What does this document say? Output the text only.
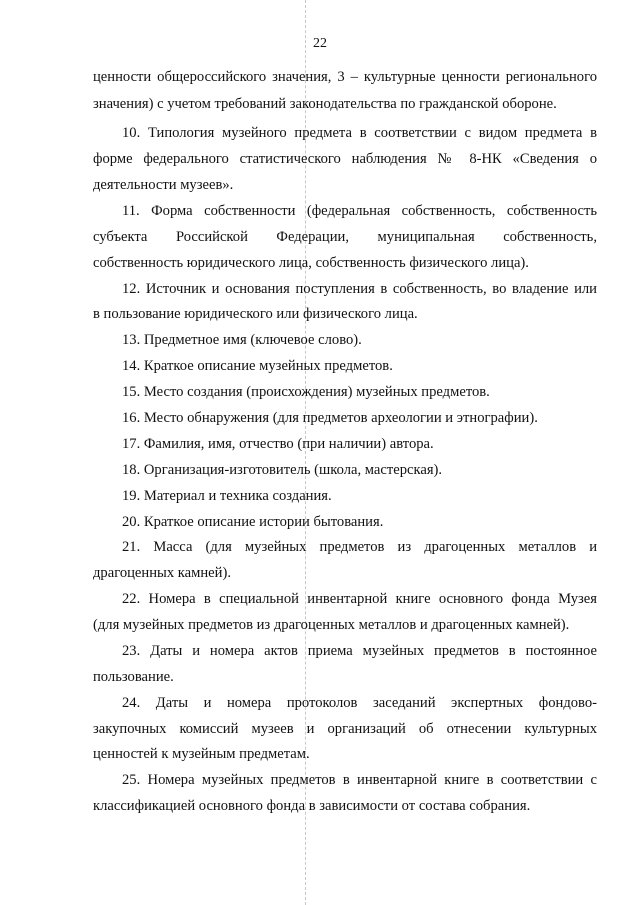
22
ценности общероссийского значения, 3 – культурные ценности регионального
значения) с учетом требований законодательства по гражданской обороне.
10. Типология музейного предмета в соответствии с видом предмета в
форме федерального статистического наблюдения № 8-НК «Сведения о
деятельности музеев».
11. Форма собственности (федеральная собственность, собственность
субъекта Российской Федерации, муниципальная собственность,
собственность юридического лица, собственность физического лица).
12. Источник и основания поступления в собственность, во владение или
в пользование юридического или физического лица.
13. Предметное имя (ключевое слово).
14. Краткое описание музейных предметов.
15. Место создания (происхождения) музейных предметов.
16. Место обнаружения (для предметов археологии и этнографии).
17. Фамилия, имя, отчество (при наличии) автора.
18. Организация-изготовитель (школа, мастерская).
19. Материал и техника создания.
20. Краткое описание истории бытования.
21. Масса (для музейных предметов из драгоценных металлов и
драгоценных камней).
22. Номера в специальной инвентарной книге основного фонда Музея
(для музейных предметов из драгоценных металлов и драгоценных камней).
23. Даты и номера актов приема музейных предметов в постоянное
пользование.
24. Даты и номера протоколов заседаний экспертных фондово-
закупочных комиссий музеев и организаций об отнесении культурных
ценностей к музейным предметам.
25. Номера музейных предметов в инвентарной книге в соответствии с
классификацией основного фонда в зависимости от состава собрания.
